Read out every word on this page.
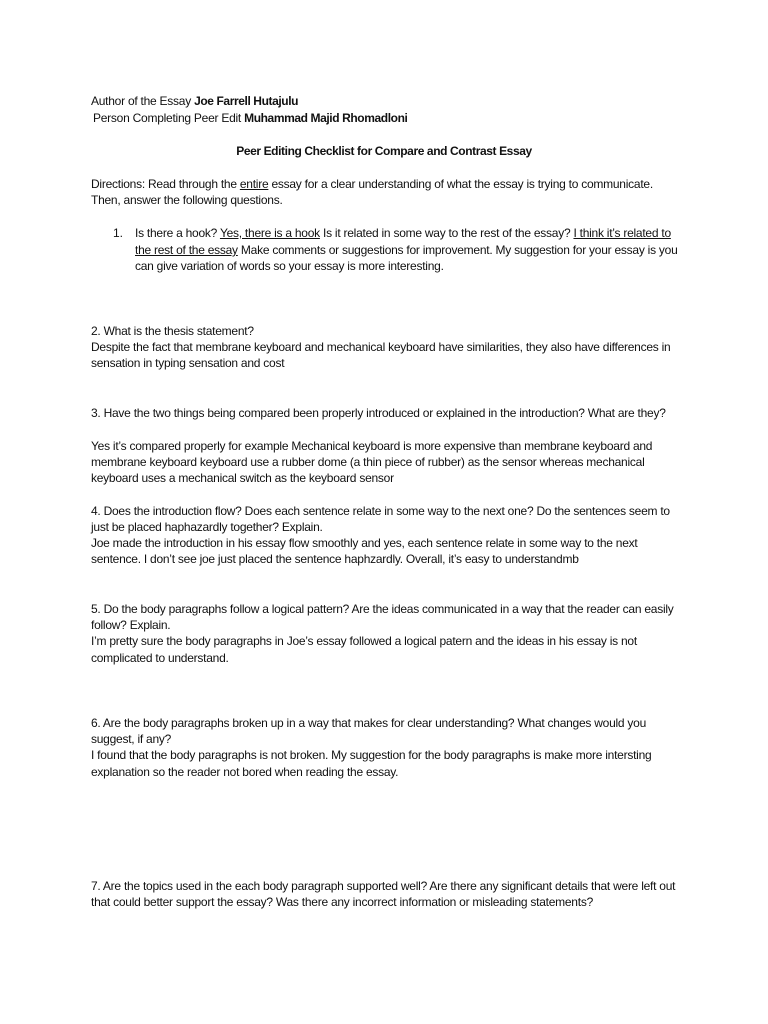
Author of the Essay Joe Farrell Hutajulu
Person Completing Peer Edit Muhammad Majid Rhomadloni
Peer Editing Checklist for Compare and Contrast Essay
Directions: Read through the entire essay for a clear understanding of what the essay is trying to communicate.
Then, answer the following questions.
1. Is there a hook? Yes, there is a hook Is it related in some way to the rest of the essay? I think it’s related to
the rest of the essay Make comments or suggestions for improvement. My suggestion for your essay is you
can give variation of words so your essay is more interesting.
2. What is the thesis statement?
Despite the fact that membrane keyboard and mechanical keyboard have similarities, they also have differences in
sensation in typing sensation and cost
3. Have the two things being compared been properly introduced or explained in the introduction? What are they?
Yes it’s compared properly for example Mechanical keyboard is more expensive than membrane keyboard and
membrane keyboard keyboard use a rubber dome (a thin piece of rubber) as the sensor whereas mechanical
keyboard uses a mechanical switch as the keyboard sensor
4. Does the introduction flow? Does each sentence relate in some way to the next one? Do the sentences seem to
just be placed haphazardly together? Explain.
Joe made the introduction in his essay flow smoothly and yes, each sentence relate in some way to the next
sentence. I don’t see joe just placed the sentence haphzardly. Overall, it’s easy to understandmb
5. Do the body paragraphs follow a logical pattern? Are the ideas communicated in a way that the reader can easily
follow? Explain.
I’m pretty sure the body paragraphs in Joe’s essay followed a logical patern and the ideas in his essay is not
complicated to understand.
6. Are the body paragraphs broken up in a way that makes for clear understanding? What changes would you
suggest, if any?
I found that the body paragraphs is not broken. My suggestion for the body paragraphs is make more intersting
explanation so the reader not bored when reading the essay.
7. Are the topics used in the each body paragraph supported well? Are there any significant details that were left out
that could better support the essay? Was there any incorrect information or misleading statements?
